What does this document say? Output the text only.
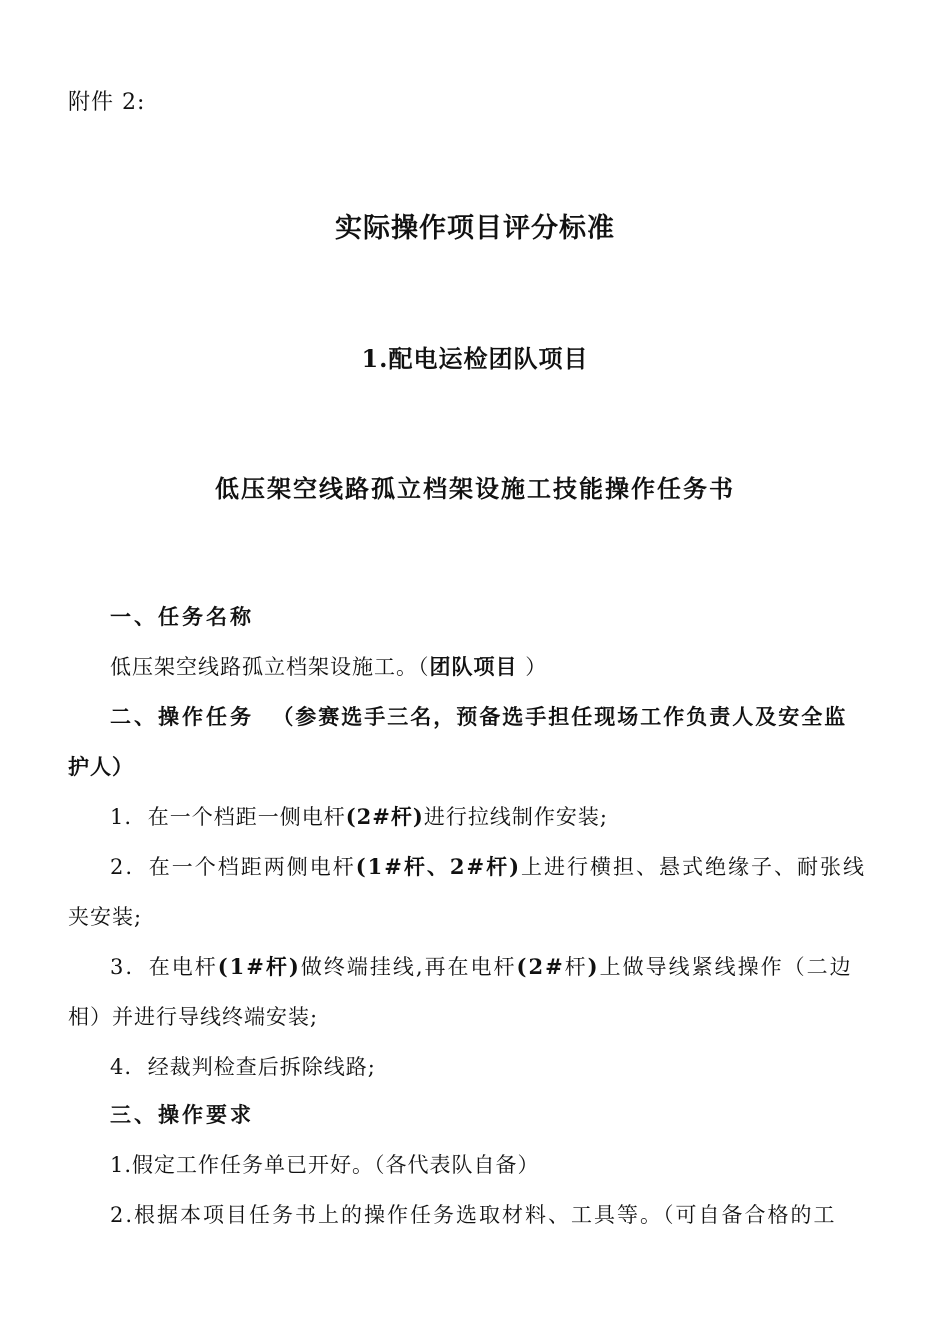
附件 2:
实际操作项目评分标准
1.配电运检团队项目
低压架空线路孤立档架设施工技能操作任务书
一、任务名称
低压架空线路孤立档架设施工。（团队项目 ）
二、操作任务 （参赛选手三名，预备选手担任现场工作负责人及安全监
护人）
1. 在一个档距一侧电杆(2#杆)进行拉线制作安装;
2. 在一个档距两侧电杆(1#杆、2#杆)上进行横担、悬式绝缘子、耐张线
夹安装;
3. 在电杆(1#杆)做终端挂线,再在电杆(2#杆)上做导线紧线操作（二边
相）并进行导线终端安装;
4. 经裁判检查后拆除线路;
三、操作要求
1.假定工作任务单已开好。（各代表队自备）
2.根据本项目任务书上的操作任务选取材料、工具等。（可自备合格的工
